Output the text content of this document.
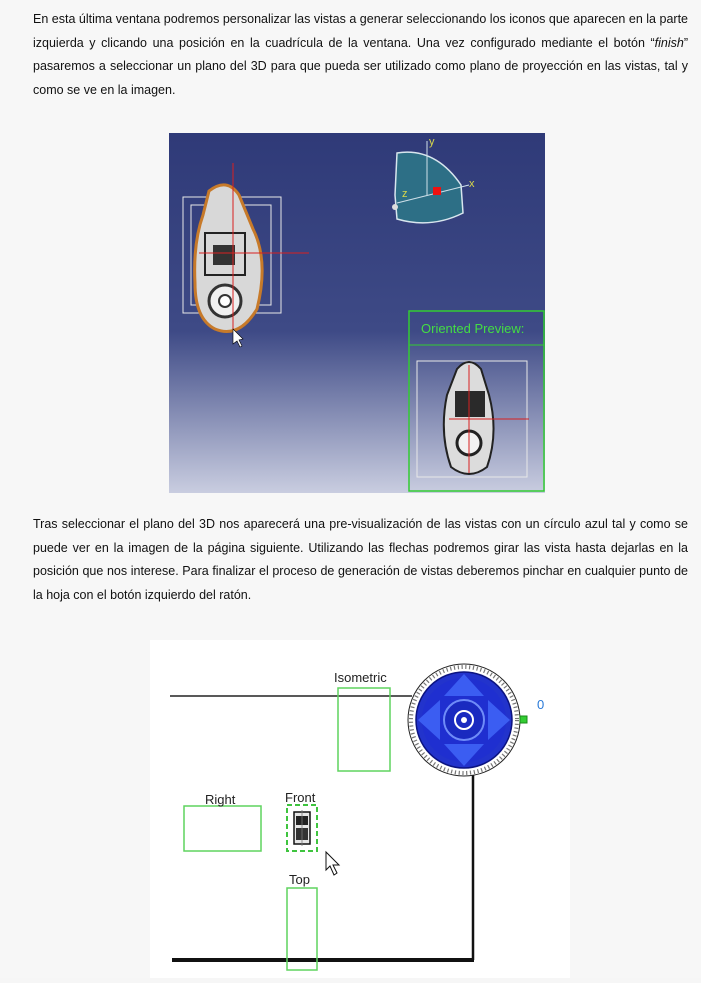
En esta última ventana podremos personalizar las vistas a generar seleccionando los iconos que aparecen en la parte izquierda y clicando una posición en la cuadrícula de la ventana. Una vez configurado mediante el botón “finish” pasaremos a seleccionar un plano del 3D para que pueda ser utilizado como plano de proyección en las vistas, tal y como se ve en la imagen.

y
z
x
Oriented Preview:

Tras seleccionar el plano del 3D nos aparecerá una pre-visualización de las vistas con un círculo azul tal y como se puede ver en la imagen de la página siguiente. Utilizando las flechas podremos girar las vista hasta dejarlas en la posición que nos interese. Para finalizar el proceso de generación de vistas deberemos pinchar en cualquier punto de la hoja con el botón izquierdo del ratón.

Isometric
Right	Front
Top
0
